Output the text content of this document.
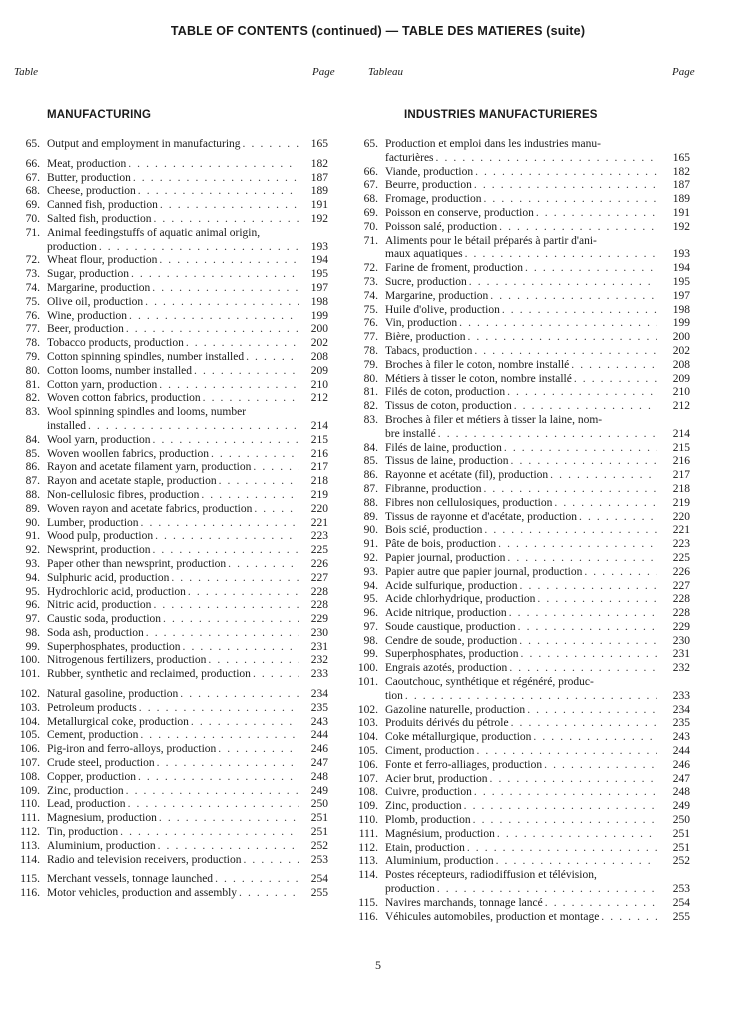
TABLE OF CONTENTS (continued) — TABLE DES MATIERES (suite)
Table	Page	Tableau	Page
MANUFACTURING	INDUSTRIES MANUFACTURIERES
65. Output and employment in manufacturing . . .	165
66. Meat, production . . .	182
67. Butter, production . . .	187
68. Cheese, production . . .	189
69. Canned fish, production . . .	191
70. Salted fish, production . . .	192
71. Animal feedingstuffs of aquatic animal origin,
production . . .	193
72. Wheat flour, production . . .	194
73. Sugar, production . . .	195
74. Margarine, production . . .	197
75. Olive oil, production . . .	198
76. Wine, production . . .	199
77. Beer, production . . .	200
78. Tobacco products, production . . .	202
79. Cotton spinning spindles, number installed . . .	208
80. Cotton looms, number installed . . .	209
81. Cotton yarn, production . . .	210
82. Woven cotton fabrics, production . . .	212
83. Wool spinning spindles and looms, number
installed . . .	214
84. Wool yarn, production . . .	215
85. Woven woollen fabrics, production . . .	216
86. Rayon and acetate filament yarn, production . . .	217
87. Rayon and acetate staple, production . . .	218
88. Non-cellulosic fibres, production . . .	219
89. Woven rayon and acetate fabrics, production . . .	220
90. Lumber, production . . .	221
91. Wood pulp, production . . .	223
92. Newsprint, production . . .	225
93. Paper other than newsprint, production . . .	226
94. Sulphuric acid, production . . .	227
95. Hydrochloric acid, production . . .	228
96. Nitric acid, production . . .	228
97. Caustic soda, production . . .	229
98. Soda ash, production . . .	230
99. Superphosphates, production . . .	231
100. Nitrogenous fertilizers, production . . .	232
101. Rubber, synthetic and reclaimed, production . . .	233
102. Natural gasoline, production . . .	234
103. Petroleum products . . .	235
104. Metallurgical coke, production . . .	243
105. Cement, production . . .	244
106. Pig-iron and ferro-alloys, production . . .	246
107. Crude steel, production . . .	247
108. Copper, production . . .	248
109. Zinc, production . . .	249
110. Lead, production . . .	250
111. Magnesium, production . . .	251
112. Tin, production . . .	251
113. Aluminium, production . . .	252
114. Radio and television receivers, production . . .	253
115. Merchant vessels, tonnage launched . . .	254
116. Motor vehicles, production and assembly . . .	255
65. Production et emploi dans les industries manu-
facturières . . .	165
66. Viande, production . . .	182
67. Beurre, production . . .	187
68. Fromage, production . . .	189
69. Poisson en conserve, production . . .	191
70. Poisson salé, production . . .	192
71. Aliments pour le bétail préparés à partir d'ani-
maux aquatiques . . .	193
72. Farine de froment, production . . .	194
73. Sucre, production . . .	195
74. Margarine, production . . .	197
75. Huile d'olive, production . . .	198
76. Vin, production . . .	199
77. Bière, production . . .	200
78. Tabacs, production . . .	202
79. Broches à filer le coton, nombre installé . . .	208
80. Métiers à tisser le coton, nombre installé . . .	209
81. Filés de coton, production . . .	210
82. Tissus de coton, production . . .	212
83. Broches à filer et métiers à tisser la laine, nom-
bre installé . . .	214
84. Filés de laine, production . . .	215
85. Tissus de laine, production . . .	216
86. Rayonne et acétate (fil), production . . .	217
87. Fibranne, production . . .	218
88. Fibres non cellulosiques, production . . .	219
89. Tissus de rayonne et d'acétate, production . . .	220
90. Bois scié, production . . .	221
91. Pâte de bois, production . . .	223
92. Papier journal, production . . .	225
93. Papier autre que papier journal, production . . .	226
94. Acide sulfurique, production . . .	227
95. Acide chlorhydrique, production . . .	228
96. Acide nitrique, production . . .	228
97. Soude caustique, production . . .	229
98. Cendre de soude, production . . .	230
99. Superphosphates, production . . .	231
100. Engrais azotés, production . . .	232
101. Caoutchouc, synthétique et régénéré, produc-
tion . . .	233
102. Gazoline naturelle, production . . .	234
103. Produits dérivés du pétrole . . .	235
104. Coke métallurgique, production . . .	243
105. Ciment, production . . .	244
106. Fonte et ferro-alliages, production . . .	246
107. Acier brut, production . . .	247
108. Cuivre, production . . .	248
109. Zinc, production . . .	249
110. Plomb, production . . .	250
111. Magnésium, production . . .	251
112. Etain, production . . .	251
113. Aluminium, production . . .	252
114. Postes récepteurs, radiodiffusion et télévision,
production . . .	253
115. Navires marchands, tonnage lancé . . .	254
116. Véhicules automobiles, production et montage . . .	255
5
